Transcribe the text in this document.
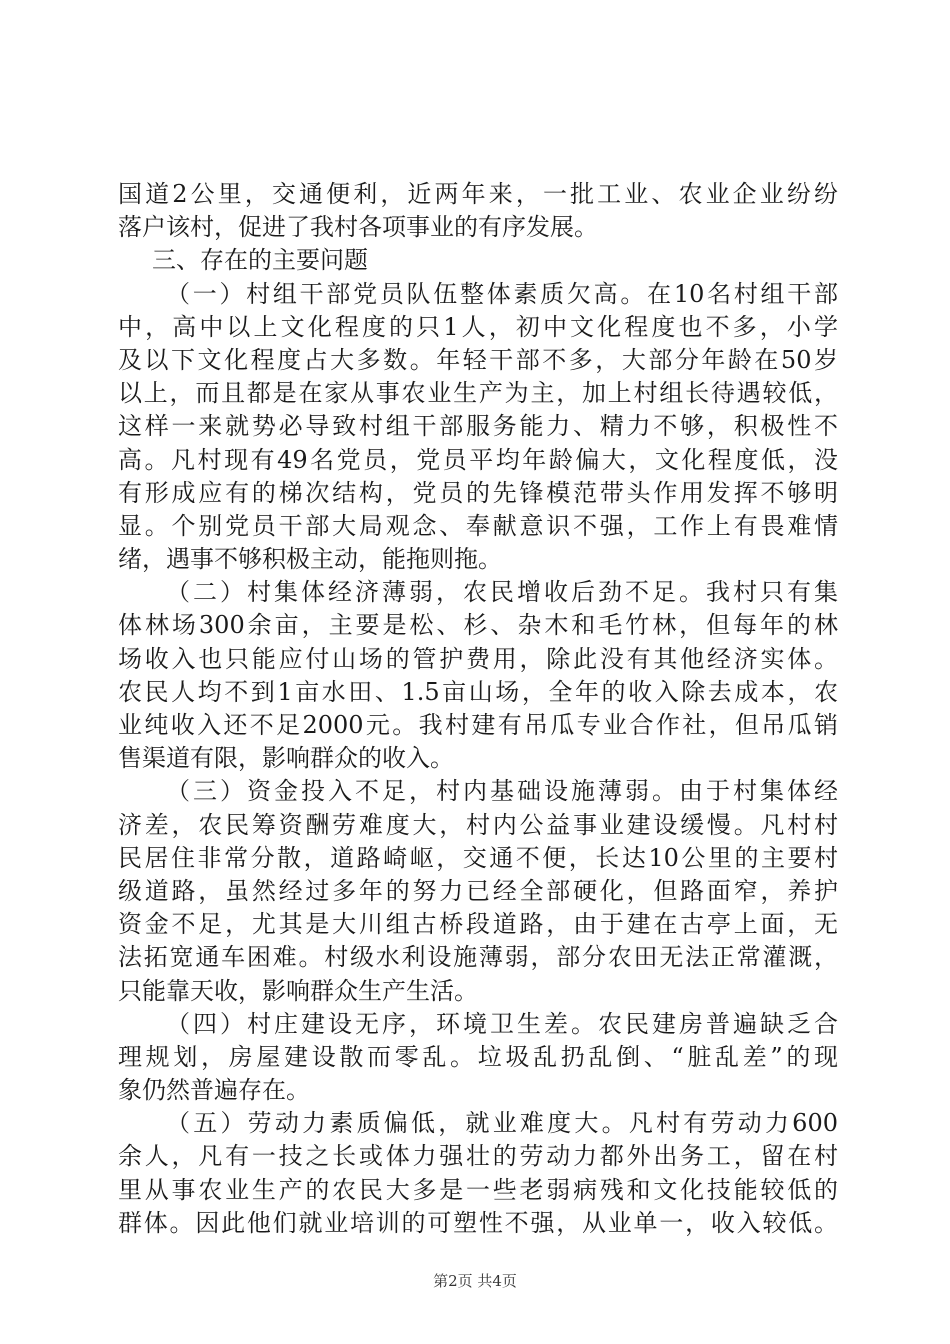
国道2公里，交通便利，近两年来，一批工业、农业企业纷纷
落户该村，促进了我村各项事业的有序发展。
三、存在的主要问题
（一）村组干部党员队伍整体素质欠高。在10名村组干部
中，高中以上文化程度的只1人，初中文化程度也不多，小学
及以下文化程度占大多数。年轻干部不多，大部分年龄在50岁
以上，而且都是在家从事农业生产为主，加上村组长待遇较低，
这样一来就势必导致村组干部服务能力、精力不够，积极性不
高。凡村现有49名党员，党员平均年龄偏大，文化程度低，没
有形成应有的梯次结构，党员的先锋模范带头作用发挥不够明
显。个别党员干部大局观念、奉献意识不强，工作上有畏难情
绪，遇事不够积极主动，能拖则拖。
（二）村集体经济薄弱，农民增收后劲不足。我村只有集
体林场300余亩，主要是松、杉、杂木和毛竹林，但每年的林
场收入也只能应付山场的管护费用，除此没有其他经济实体。
农民人均不到1亩水田、1.5亩山场，全年的收入除去成本，农
业纯收入还不足2000元。我村建有吊瓜专业合作社，但吊瓜销
售渠道有限，影响群众的收入。
（三）资金投入不足，村内基础设施薄弱。由于村集体经
济差，农民筹资酬劳难度大，村内公益事业建设缓慢。凡村村
民居住非常分散，道路崎岖，交通不便，长达10公里的主要村
级道路，虽然经过多年的努力已经全部硬化，但路面窄，养护
资金不足，尤其是大川组古桥段道路，由于建在古亭上面，无
法拓宽通车困难。村级水利设施薄弱，部分农田无法正常灌溉，
只能靠天收，影响群众生产生活。
（四）村庄建设无序，环境卫生差。农民建房普遍缺乏合
理规划，房屋建设散而零乱。垃圾乱扔乱倒、“脏乱差”的现
象仍然普遍存在。
（五）劳动力素质偏低，就业难度大。凡村有劳动力600
余人，凡有一技之长或体力强壮的劳动力都外出务工，留在村
里从事农业生产的农民大多是一些老弱病残和文化技能较低的
群体。因此他们就业培训的可塑性不强，从业单一，收入较低。
第2页 共4页
